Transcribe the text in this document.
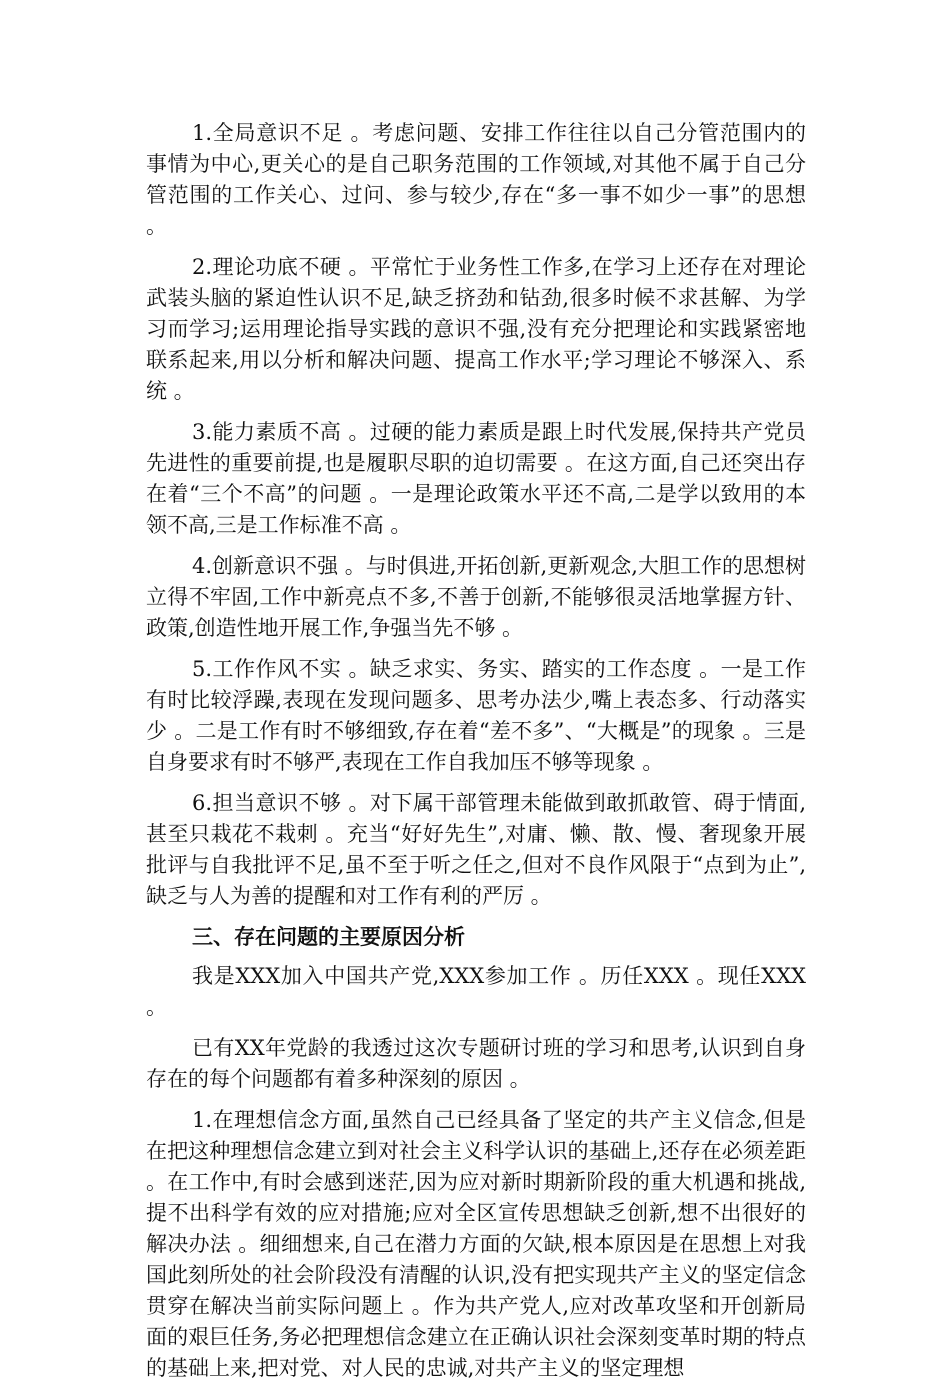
1.全局意识不足 。考虑问题、安排工作往往以自己分管范围内的事情为中心,更关心的是自己职务范围的工作领域,对其他不属于自己分管范围的工作关心、过问、参与较少,存在“多一事不如少一事”的思想 。

2.理论功底不硬 。平常忙于业务性工作多,在学习上还存在对理论武装头脑的紧迫性认识不足,缺乏挤劲和钻劲,很多时候不求甚解、为学习而学习;运用理论指导实践的意识不强,没有充分把理论和实践紧密地联系起来,用以分析和解决问题、提高工作水平;学习理论不够深入、系统 。

3.能力素质不高 。过硬的能力素质是跟上时代发展,保持共产党员先进性的重要前提,也是履职尽职的迫切需要 。在这方面,自己还突出存在着“三个不高”的问题 。一是理论政策水平还不高,二是学以致用的本领不高,三是工作标准不高 。

4.创新意识不强 。与时俱进,开拓创新,更新观念,大胆工作的思想树立得不牢固,工作中新亮点不多,不善于创新,不能够很灵活地掌握方针、政策,创造性地开展工作,争强当先不够 。

5.工作作风不实 。缺乏求实、务实、踏实的工作态度 。一是工作有时比较浮躁,表现在发现问题多、思考办法少,嘴上表态多、行动落实少 。二是工作有时不够细致,存在着“差不多”、“大概是”的现象 。三是自身要求有时不够严,表现在工作自我加压不够等现象 。

6.担当意识不够 。对下属干部管理未能做到敢抓敢管、碍于情面,甚至只栽花不栽刺 。充当“好好先生”,对庸、懒、散、慢、奢现象开展批评与自我批评不足,虽不至于听之任之,但对不良作风限于“点到为止”,缺乏与人为善的提醒和对工作有利的严厉 。

三、存在问题的主要原因分析

我是XXX加入中国共产党,XXX参加工作 。历任XXX 。现任XXX 。

已有XX年党龄的我透过这次专题研讨班的学习和思考,认识到自身存在的每个问题都有着多种深刻的原因 。

1.在理想信念方面,虽然自己已经具备了坚定的共产主义信念,但是在把这种理想信念建立到对社会主义科学认识的基础上,还存在必须差距 。在工作中,有时会感到迷茫,因为应对新时期新阶段的重大机遇和挑战,提不出科学有效的应对措施;应对全区宣传思想缺乏创新,想不出很好的解决办法 。细细想来,自己在潜力方面的欠缺,根本原因是在思想上对我国此刻所处的社会阶段没有清醒的认识,没有把实现共产主义的坚定信念贯穿在解决当前实际问题上 。作为共产党人,应对改革攻坚和开创新局面的艰巨任务,务必把理想信念建立在正确认识社会深刻变革时期的特点的基础上来,把对党、对人民的忠诚,对共产主义的坚定理想
